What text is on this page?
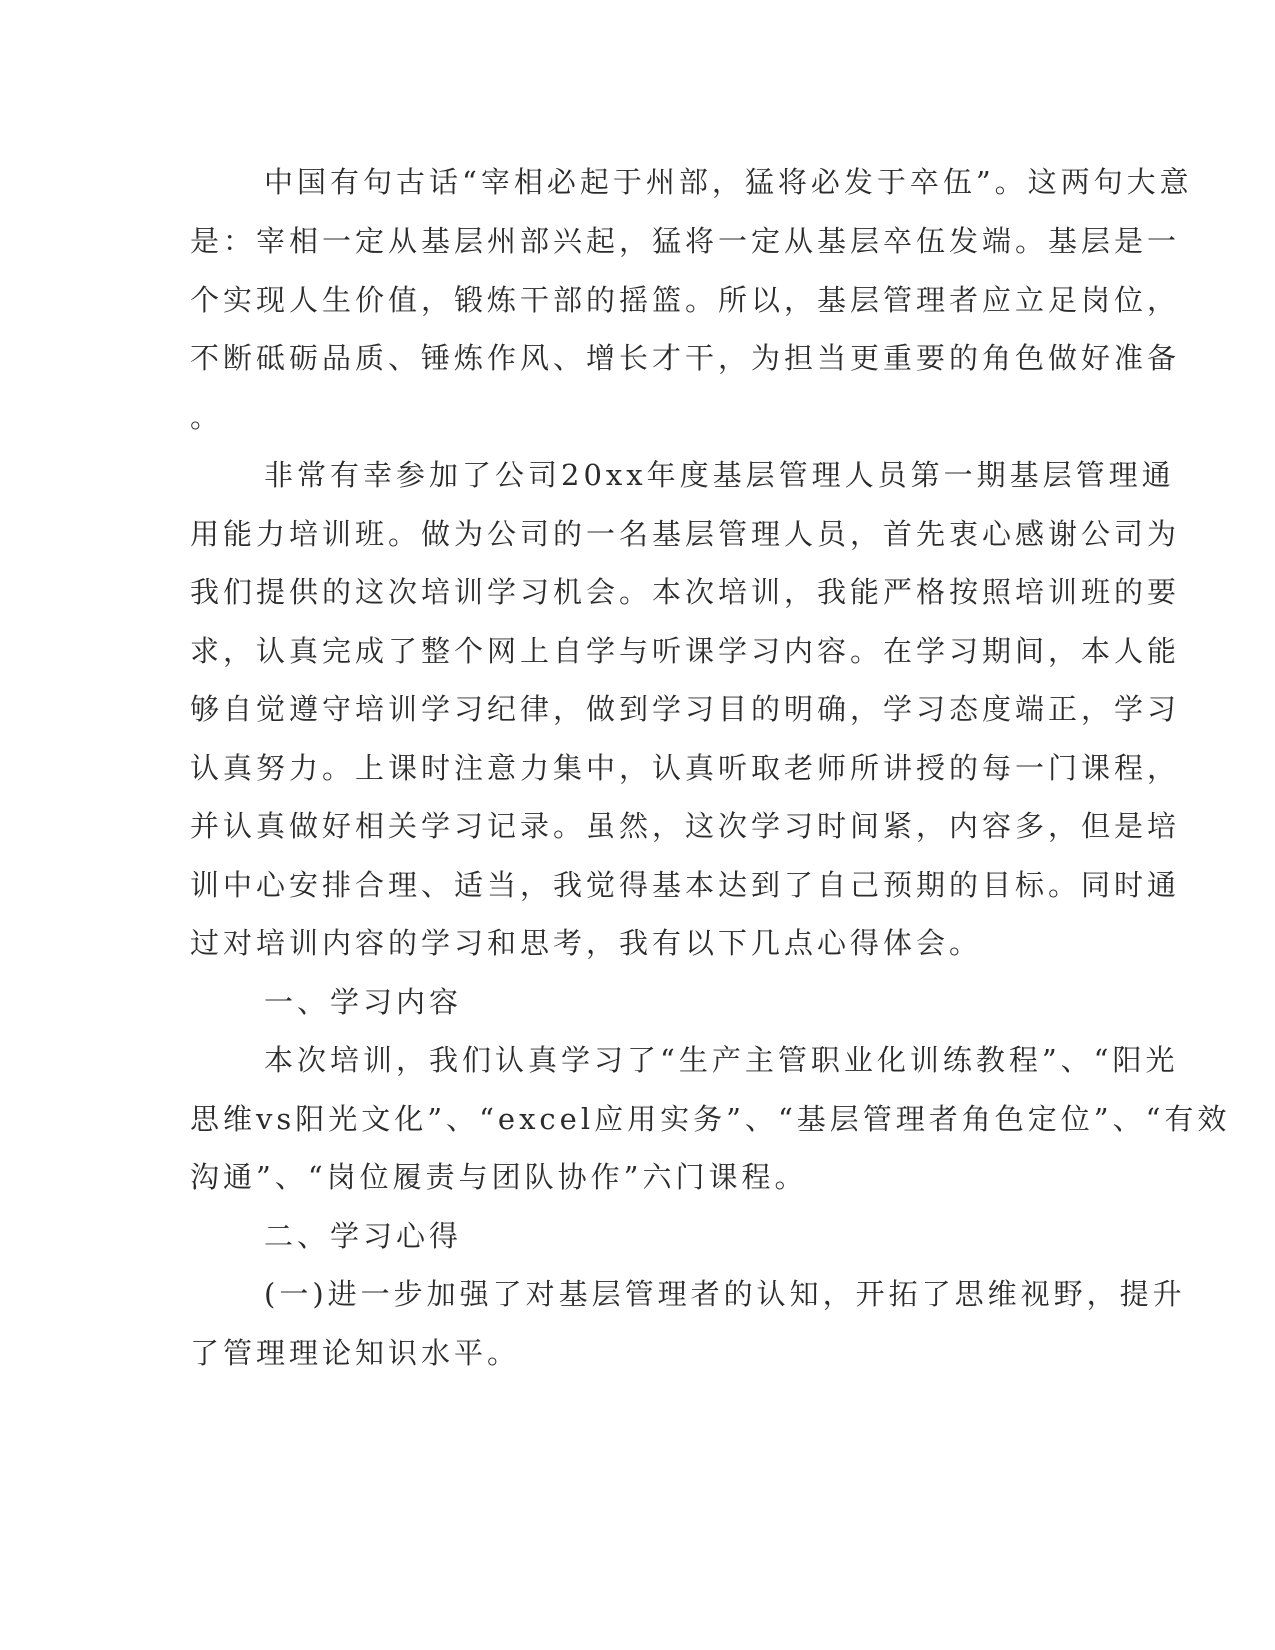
中国有句古话“宰相必起于州部，猛将必发于卒伍”。这两句大意
是：宰相一定从基层州部兴起，猛将一定从基层卒伍发端。基层是一
个实现人生价值，锻炼干部的摇篮。所以，基层管理者应立足岗位，
不断砥砺品质、锤炼作风、增长才干，为担当更重要的角色做好准备
。
非常有幸参加了公司20xx年度基层管理人员第一期基层管理通
用能力培训班。做为公司的一名基层管理人员，首先衷心感谢公司为
我们提供的这次培训学习机会。本次培训，我能严格按照培训班的要
求，认真完成了整个网上自学与听课学习内容。在学习期间，本人能
够自觉遵守培训学习纪律，做到学习目的明确，学习态度端正，学习
认真努力。上课时注意力集中，认真听取老师所讲授的每一门课程，
并认真做好相关学习记录。虽然，这次学习时间紧，内容多，但是培
训中心安排合理、适当，我觉得基本达到了自己预期的目标。同时通
过对培训内容的学习和思考，我有以下几点心得体会。
一、学习内容
本次培训，我们认真学习了“生产主管职业化训练教程”、“阳光
思维vs阳光文化”、“excel应用实务”、“基层管理者角色定位”、“有效
沟通”、“岗位履责与团队协作”六门课程。
二、学习心得
(一)进一步加强了对基层管理者的认知，开拓了思维视野，提升
了管理理论知识水平。
